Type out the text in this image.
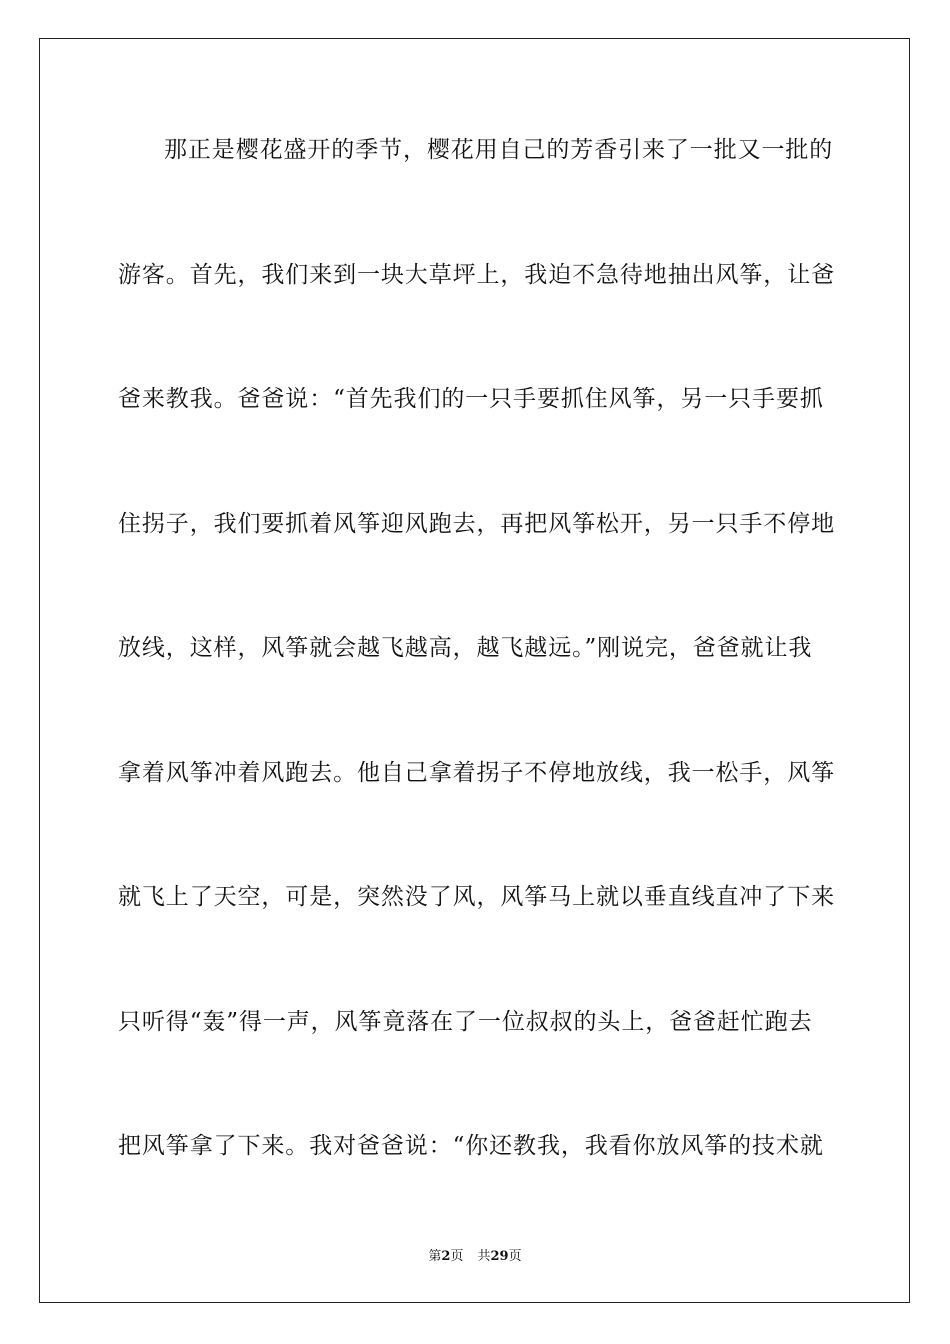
那正是樱花盛开的季节，樱花用自己的芳香引来了一批又一批的
游客。首先，我们来到一块大草坪上，我迫不急待地抽出风筝，让爸
爸来教我。爸爸说：“首先我们的一只手要抓住风筝，另一只手要抓
住拐子，我们要抓着风筝迎风跑去，再把风筝松开，另一只手不停地
放线，这样，风筝就会越飞越高，越飞越远。”刚说完，爸爸就让我
拿着风筝冲着风跑去。他自己拿着拐子不停地放线，我一松手，风筝
就飞上了天空，可是，突然没了风，风筝马上就以垂直线直冲了下来
只听得“轰”得一声，风筝竟落在了一位叔叔的头上，爸爸赶忙跑去
把风筝拿了下来。我对爸爸说：“你还教我，我看你放风筝的技术就
第2页 共29页
